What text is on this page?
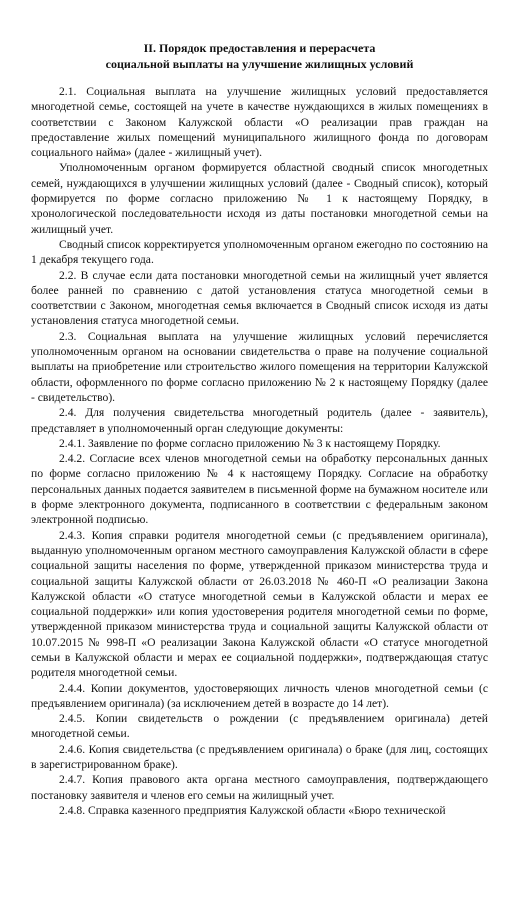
II. Порядок предоставления и перерасчета
социальной выплаты на улучшение жилищных условий

2.1. Социальная выплата на улучшение жилищных условий предоставляется многодетной семье, состоящей на учете в качестве нуждающихся в жилых помещениях в соответствии с Законом Калужской области «О реализации прав граждан на предоставление жилых помещений муниципального жилищного фонда по договорам социального найма» (далее - жилищный учет).

Уполномоченным органом формируется областной сводный список многодетных семей, нуждающихся в улучшении жилищных условий (далее - Сводный список), который формируется по форме согласно приложению № 1 к настоящему Порядку, в хронологической последовательности исходя из даты постановки многодетной семьи на жилищный учет.

Сводный список корректируется уполномоченным органом ежегодно по состоянию на 1 декабря текущего года.

2.2. В случае если дата постановки многодетной семьи на жилищный учет является более ранней по сравнению с датой установления статуса многодетной семьи в соответствии с Законом, многодетная семья включается в Сводный список исходя из даты установления статуса многодетной семьи.

2.3. Социальная выплата на улучшение жилищных условий перечисляется уполномоченным органом на основании свидетельства о праве на получение социальной выплаты на приобретение или строительство жилого помещения на территории Калужской области, оформленного по форме согласно приложению № 2 к настоящему Порядку (далее - свидетельство).

2.4. Для получения свидетельства многодетный родитель (далее - заявитель), представляет в уполномоченный орган следующие документы:

2.4.1. Заявление по форме согласно приложению № 3 к настоящему Порядку.

2.4.2. Согласие всех членов многодетной семьи на обработку персональных данных по форме согласно приложению № 4 к настоящему Порядку. Согласие на обработку персональных данных подается заявителем в письменной форме на бумажном носителе или в форме электронного документа, подписанного в соответствии с федеральным законом электронной подписью.

2.4.3. Копия справки родителя многодетной семьи (с предъявлением оригинала), выданную уполномоченным органом местного самоуправления Калужской области в сфере социальной защиты населения по форме, утвержденной приказом министерства труда и социальной защиты Калужской области от 26.03.2018 № 460-П «О реализации Закона Калужской области «О статусе многодетной семьи в Калужской области и мерах ее социальной поддержки» или копия удостоверения родителя многодетной семьи по форме, утвержденной приказом министерства труда и социальной защиты Калужской области от 10.07.2015 № 998-П «О реализации Закона Калужской области «О статусе многодетной семьи в Калужской области и мерах ее социальной поддержки», подтверждающая статус родителя многодетной семьи.

2.4.4. Копии документов, удостоверяющих личность членов многодетной семьи (с предъявлением оригинала) (за исключением детей в возрасте до 14 лет).

2.4.5. Копии свидетельств о рождении (с предъявлением оригинала) детей многодетной семьи.

2.4.6. Копия свидетельства (с предъявлением оригинала) о браке (для лиц, состоящих в зарегистрированном браке).

2.4.7. Копия правового акта органа местного самоуправления, подтверждающего постановку заявителя и членов его семьи на жилищный учет.

2.4.8. Справка казенного предприятия Калужской области «Бюро технической
